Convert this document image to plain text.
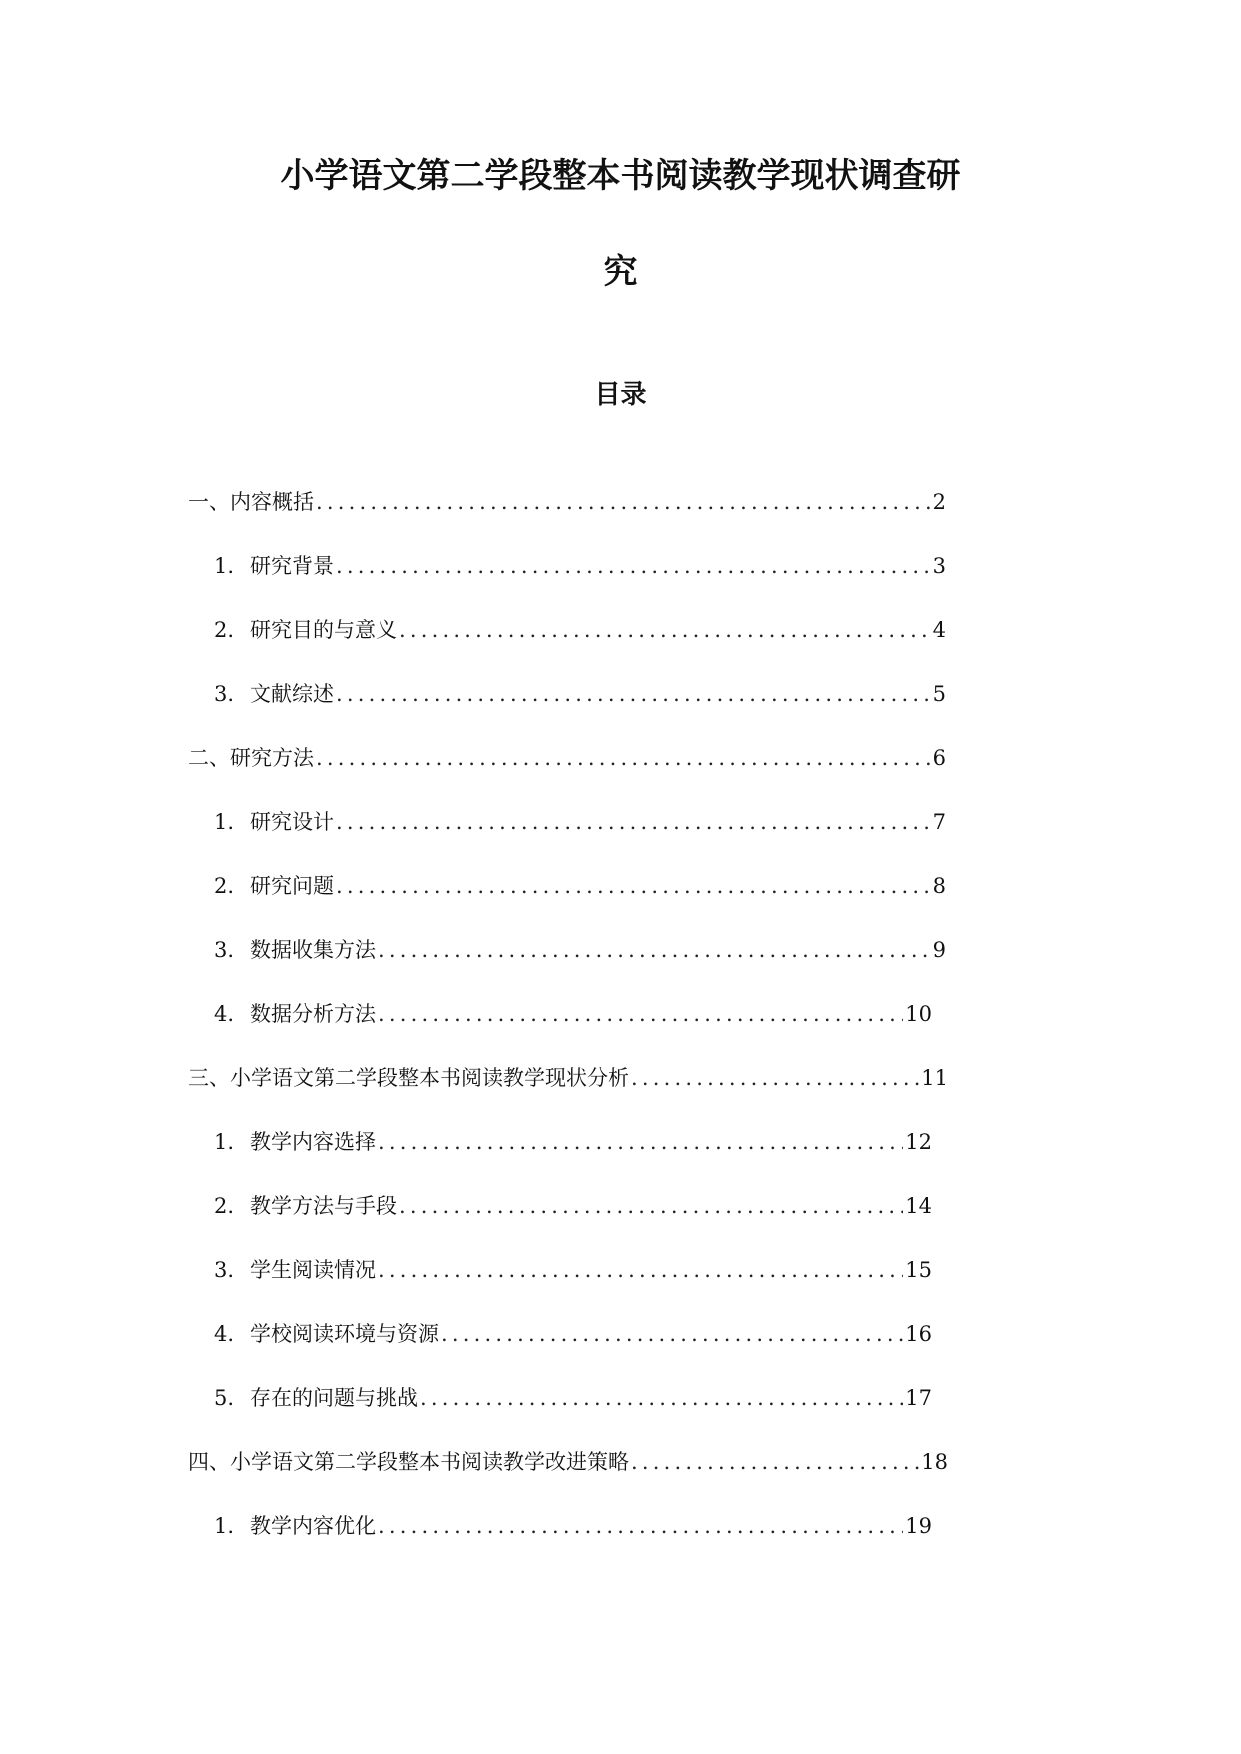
小学语文第二学段整本书阅读教学现状调查研
究
目录
一、内容概括 .....	2
1. 研究背景 .....	3
2. 研究目的与意义 .....	4
3. 文献综述 .....	5
二、研究方法 .....	6
1. 研究设计 .....	7
2. 研究问题 .....	8
3. 数据收集方法 .....	9
4. 数据分析方法 .....	10
三、小学语文第二学段整本书阅读教学现状分析 .....	11
1. 教学内容选择 .....	12
2. 教学方法与手段 .....	14
3. 学生阅读情况 .....	15
4. 学校阅读环境与资源 .....	16
5. 存在的问题与挑战 .....	17
四、小学语文第二学段整本书阅读教学改进策略 .....	18
1. 教学内容优化 .....	19
